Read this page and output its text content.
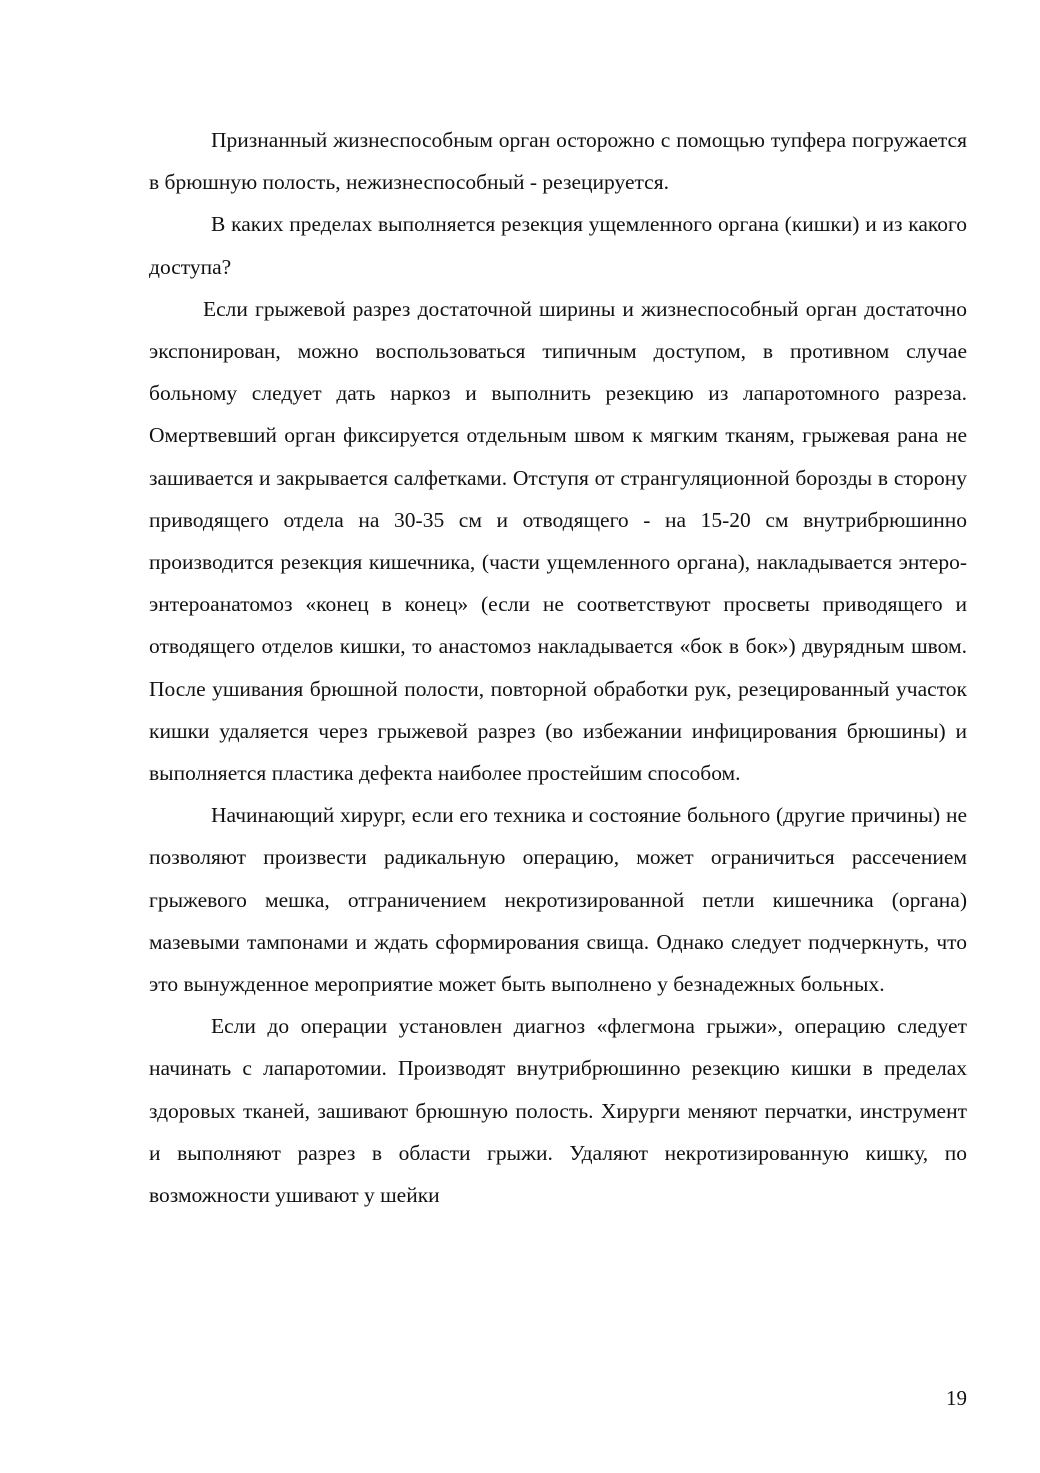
Признанный жизнеспособным орган осторожно с помощью тупфера погружается в брюшную полость, нежизнеспособный - резецируется.

В каких пределах выполняется резекция ущемленного органа (кишки) и из какого доступа?

Если грыжевой разрез достаточной ширины и жизнеспособный орган достаточно экспонирован, можно воспользоваться типичным доступом, в противном случае больному следует дать наркоз и выполнить резекцию из лапаротомного разреза. Омертвевший орган фиксируется отдельным швом к мягким тканям, грыжевая рана не зашивается и закрывается салфетками. Отступя от странгуляционной борозды в сторону приводящего отдела на 30-35 см и отводящего - на 15-20 см внутрибрюшинно производится резекция кишечника, (части ущемленного органа), накладывается энтеро-энтероанатомоз «конец в конец» (если не соответствуют просветы приводящего и отводящего отделов кишки, то анастомоз накладывается «бок в бок») двурядным швом. После ушивания брюшной полости, повторной обработки рук, резецированный участок кишки удаляется через грыжевой разрез (во избежании инфицирования брюшины) и выполняется пластика дефекта наиболее простейшим способом.

Начинающий хирург, если его техника и состояние больного (другие причины) не позволяют произвести радикальную операцию, может ограничиться рассечением грыжевого мешка, отграничением некротизированной петли кишечника (органа) мазевыми тампонами и ждать сформирования свища. Однако следует подчеркнуть, что это вынужденное мероприятие может быть выполнено у безнадежных больных.

Если до операции установлен диагноз «флегмона грыжи», операцию следует начинать с лапаротомии. Производят внутрибрюшинно резекцию кишки в пределах здоровых тканей, зашивают брюшную полость. Хирурги меняют перчатки, инструмент и выполняют разрез в области грыжи. Удаляют некротизированную кишку, по возможности ушивают у шейки

19
